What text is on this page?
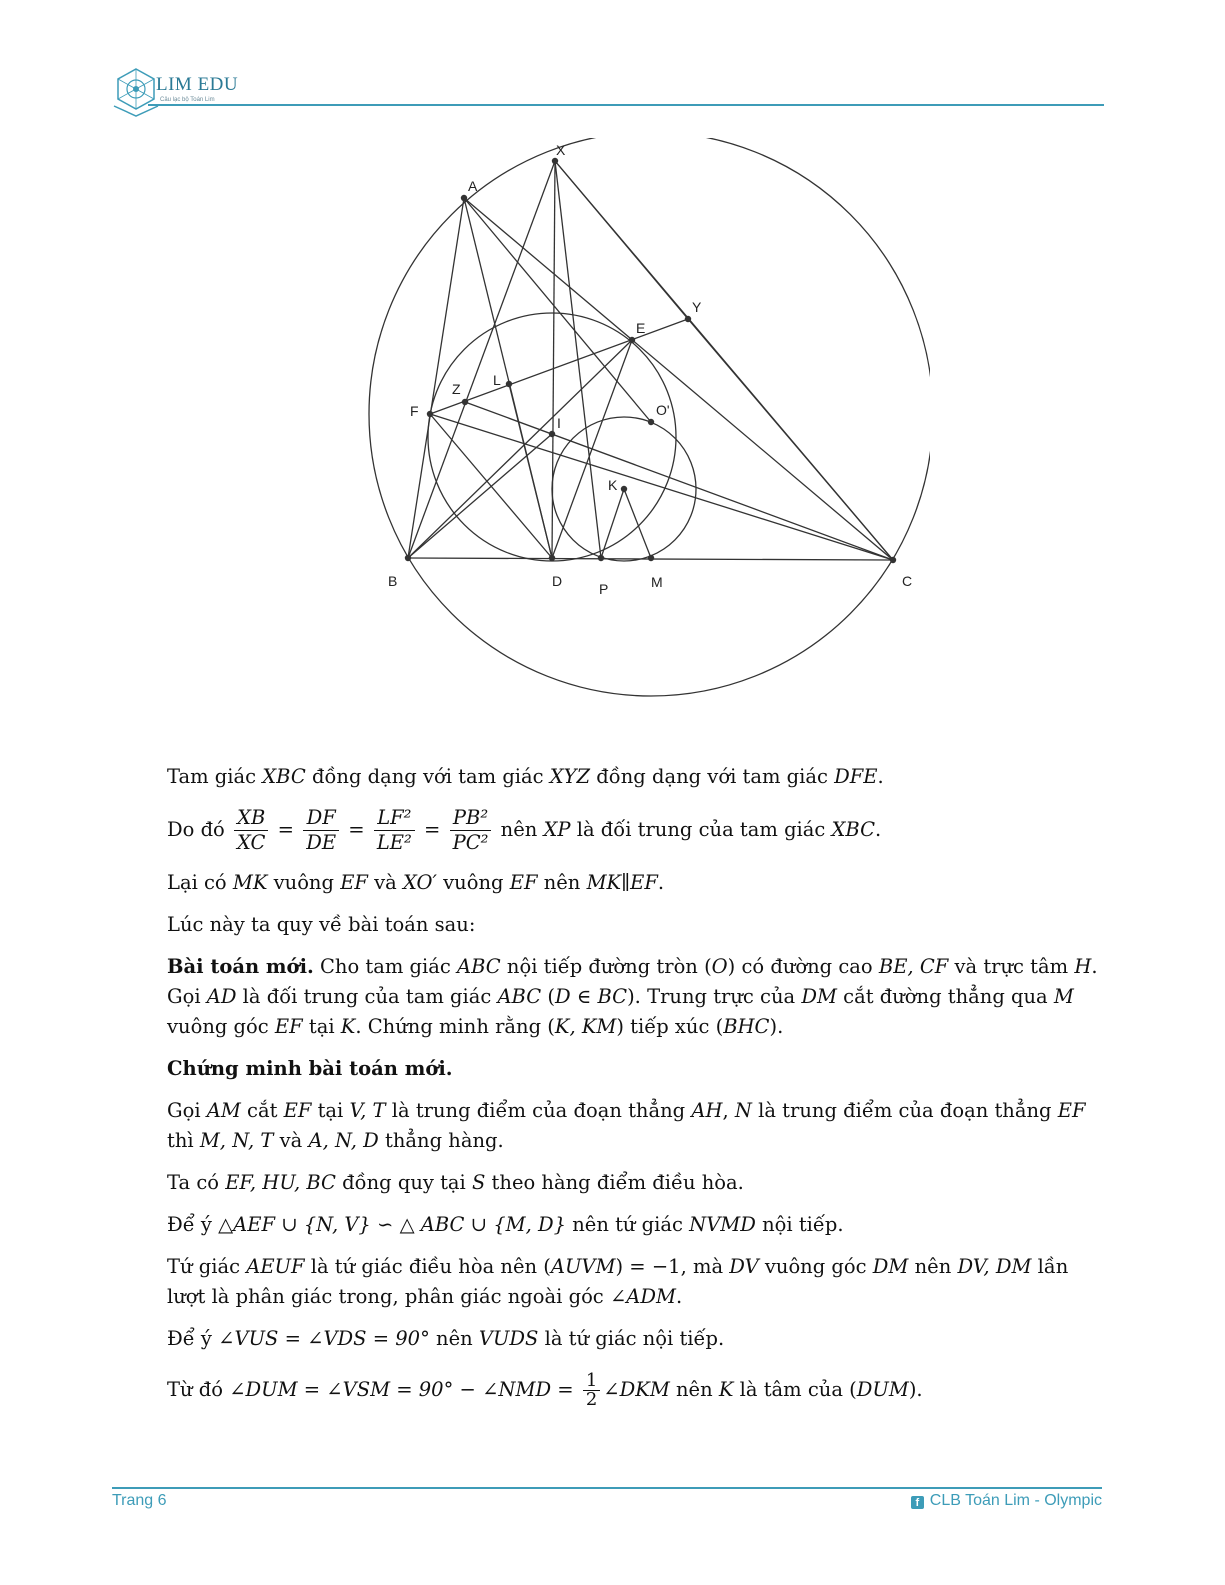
LIM EDU
Câu lạc bộ Toán Lim
A
X
Y
E
Z
L
F
I
O'
K
B	D	P	M	C

Tam giác XBC đồng dạng với tam giác XYZ đồng dạng với tam giác DFE.

Do đó $\frac{XB}{XC} = \frac{DF}{DE} = \frac{\text{LF²}}{\text{LE²}} = \frac{\text{PB²}}{\text{PC²}}$ nên XP là đối trung của tam giác XBC.

Lại có MK vuông EF và XO′ vuông EF nên MK∥EF.

Lúc này ta quy về bài toán sau:

Bài toán mới. Cho tam giác ABC nội tiếp đường tròn (O) có đường cao BE, CF và trực tâm H. Gọi AD là đối trung của tam giác ABC (D ∈ BC). Trung trực của DM cắt đường thẳng qua M vuông góc EF tại K. Chứng minh rằng (K, KM) tiếp xúc (BHC).

Chứng minh bài toán mới.

Gọi AM cắt EF tại V, T là trung điểm của đoạn thẳng AH, N là trung điểm của đoạn thẳng EF thì M, N, T và A, N, D thẳng hàng.

Ta có EF, HU, BC đồng quy tại S theo hàng điểm điều hòa.

Để ý △AEF ∪ {N, V} ∽ △ ABC ∪ {M, D} nên tứ giác NVMD nội tiếp.

Tứ giác AEUF là tứ giác điều hòa nên (AUVM) = −1, mà DV vuông góc DM nên DV, DM lần lượt là phân giác trong, phân giác ngoài góc ∠ADM.

Để ý ∠VUS = ∠VDS = 90° nên VUDS là tứ giác nội tiếp.

Từ đó ∠DUM = ∠VSM = 90° − ∠NMD = $\frac{1}{2}$ ∠DKM nên K là tâm của (DUM).

Trang 6	f CLB Toán Lim - Olympic
